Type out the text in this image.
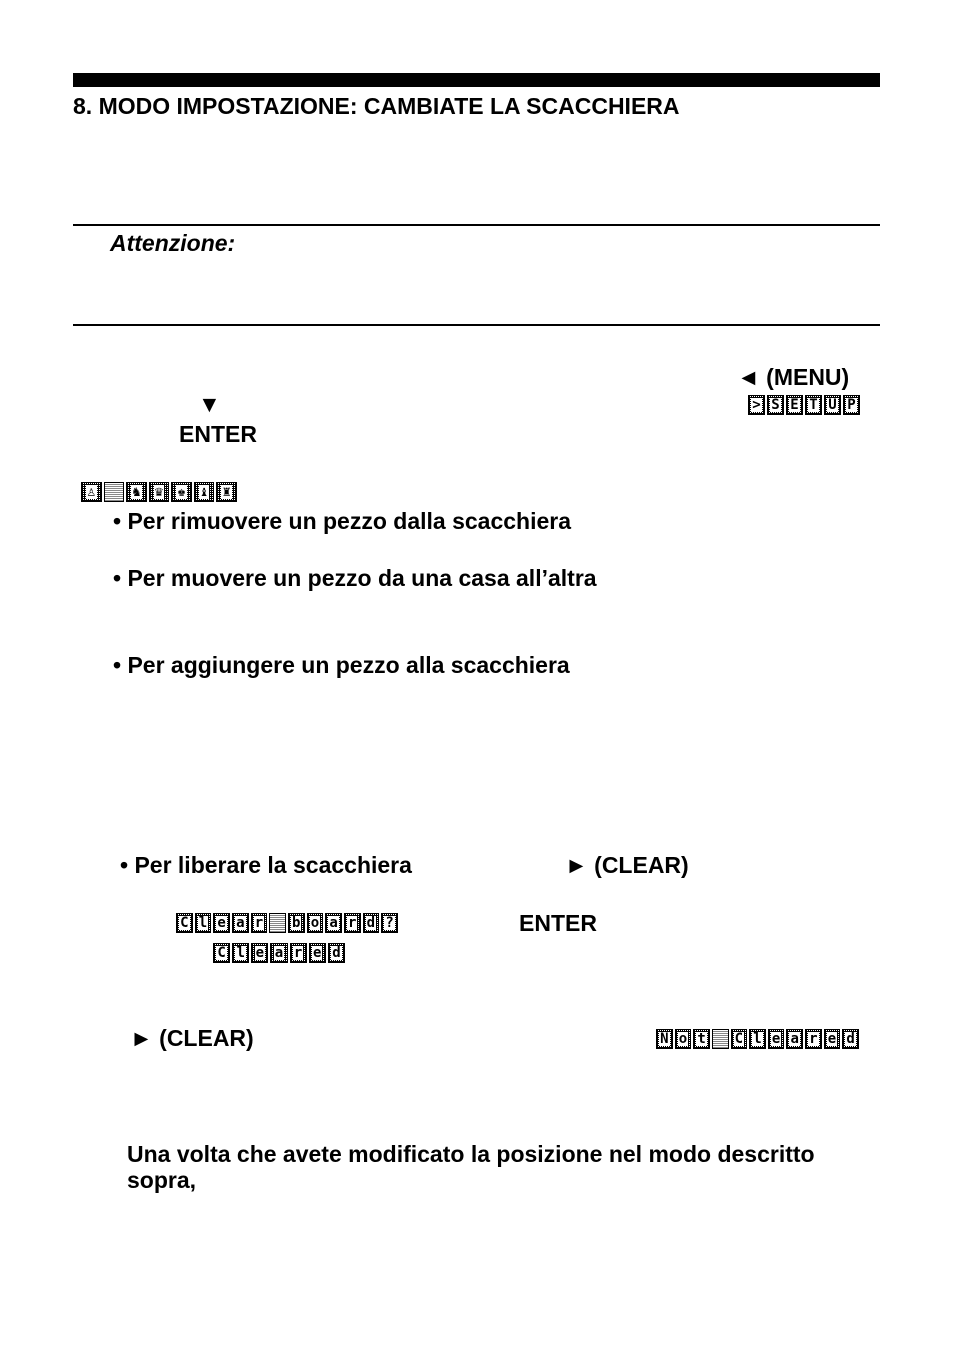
8. MODO IMPOSTAZIONE: CAMBIATE LA SCACCHIERA
Attenzione:
◄ (MENU)
▼	> S E T U P
ENTER
♙	♞	♛	♚	♝	♜
• Per rimuovere un pezzo dalla scacchiera
• Per muovere un pezzo da una casa all’altra
• Per aggiungere un pezzo alla scacchiera
• Per liberare la scacchiera	► (CLEAR)
C l e a r b o a r d ?	ENTER
C l e a r e d
► (CLEAR)	N o t C l e a r e d
Una volta che avete modificato la posizione nel modo descritto sopra,
